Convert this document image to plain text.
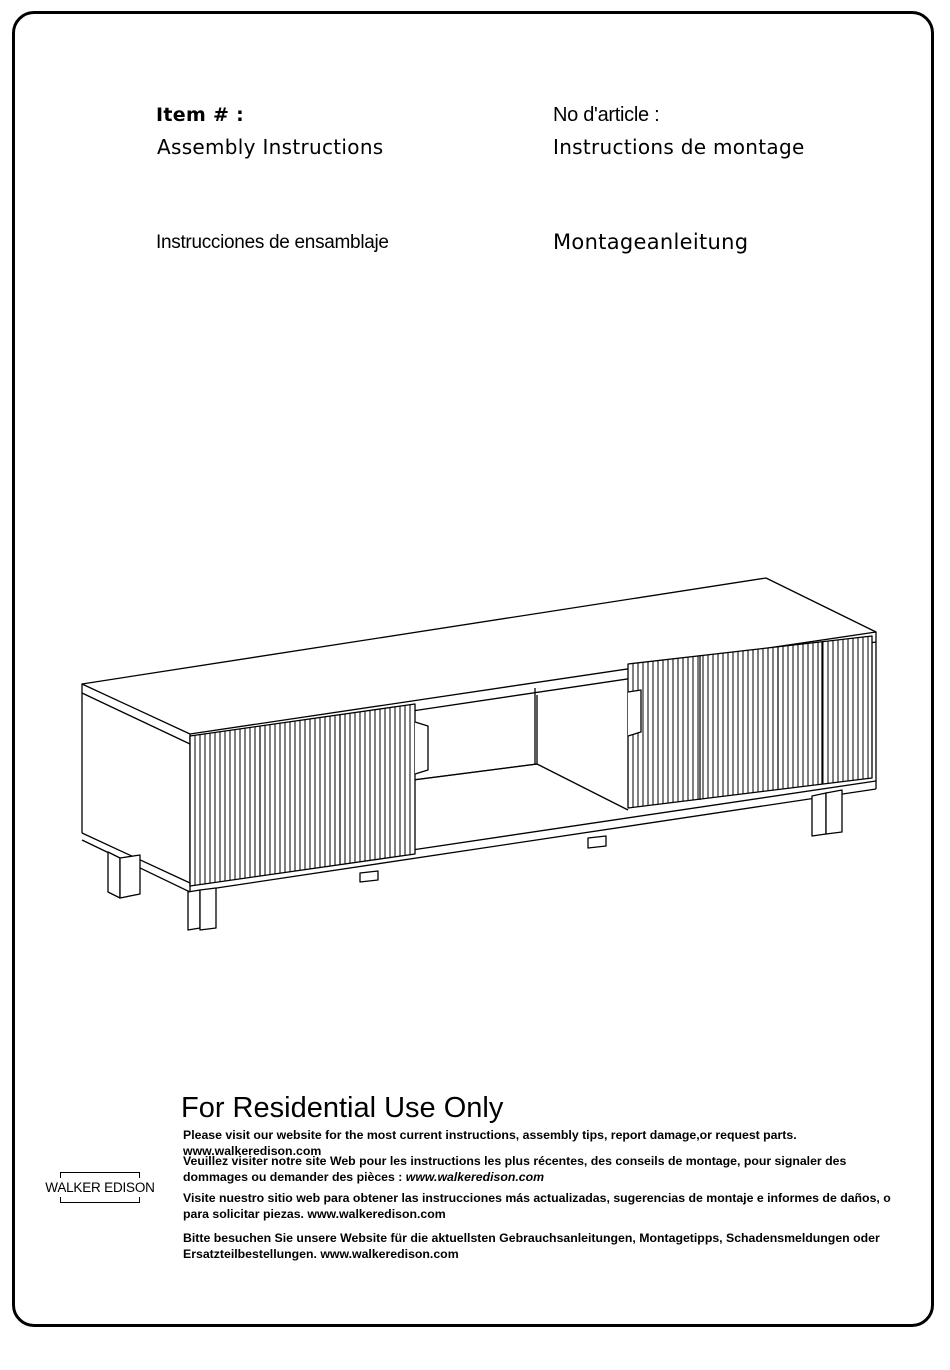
Item # :	No d'article :
Assembly Instructions	Instructions de montage
Instrucciones de ensamblaje	Montageanleitung
For Residential Use Only
Please visit our website for the most current instructions, assembly tips, report damage,or request parts.   www.walkeredison.com
Veuillez visiter notre site Web pour les instructions les plus récentes, des conseils de montage, pour signaler des dommages ou demander des pièces : www.walkeredison.com
Visite nuestro sitio web para obtener las instrucciones más actualizadas, sugerencias de montaje e informes de daños, o para solicitar piezas. www.walkeredison.com
Bitte besuchen Sie unsere Website für die aktuellsten Gebrauchsanleitungen, Montagetipps, Schadensmeldungen oder Ersatzteilbestellungen. www.walkeredison.com
WALKER EDISON
